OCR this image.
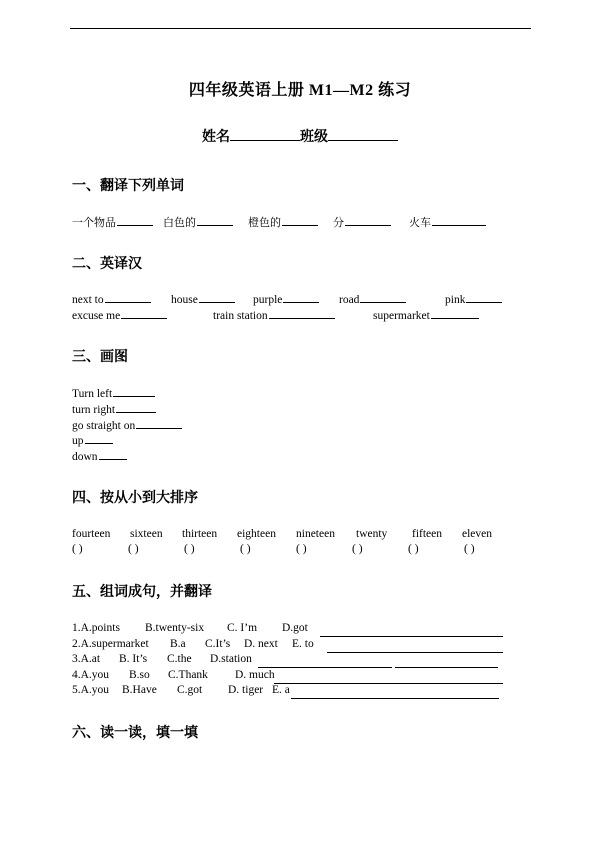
四年级英语上册 M1—M2 练习
姓名	班级
一、翻译下列单词
一个物品	白色的	橙色的	分	火车
二、英译汉
next to	house	purple	road	pink
excuse me	train station	supermarket
三、画图
Turn left
turn right
go straight on
up
down
四、按从小到大排序
fourteen sixteen thirteen eighteen nineteen twenty fifteen eleven
( )	( )	( )	( )	( )	( )	( )	( )
五、组词成句，并翻译
1.A.points B.twenty-six C. I’m D.got
2.A.supermarket B.a C.It’s D. next E. to
3.A.at B. It’s C.the D.station
4.A.you B.so C.Thank D. much
5.A.you B.Have C.got D. tiger E. a
六、读一读，填一填
